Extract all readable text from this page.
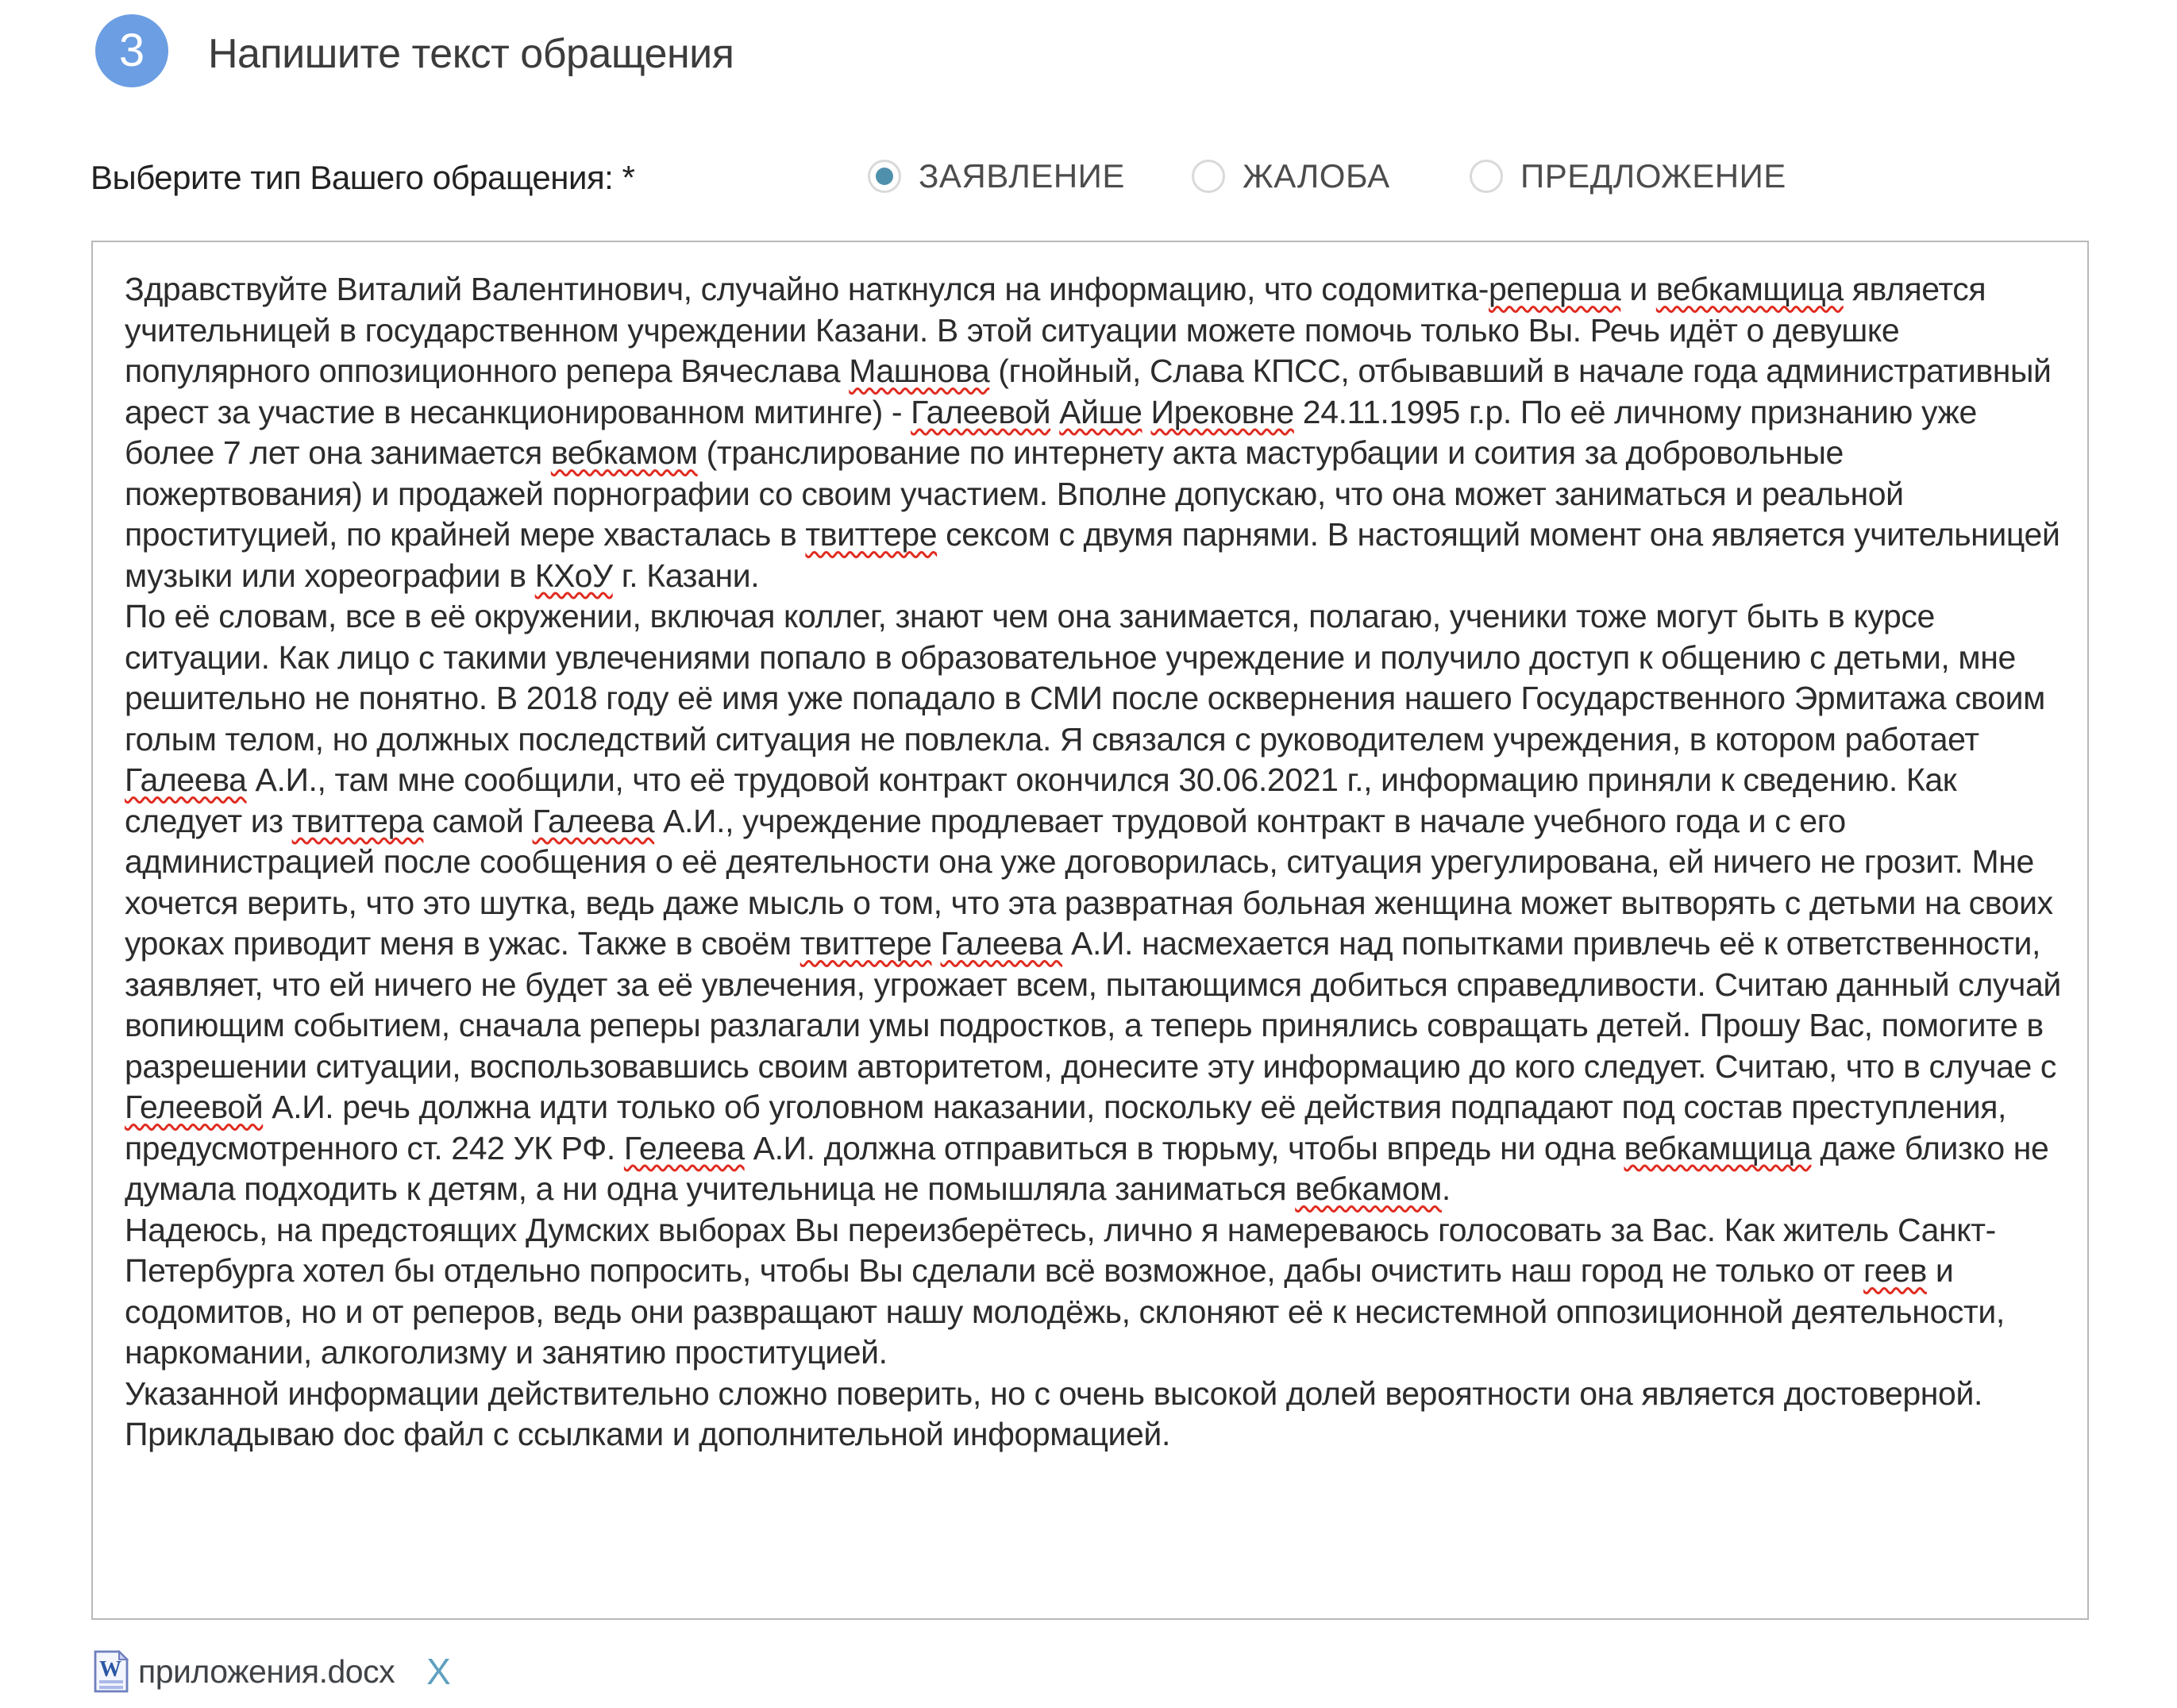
3	Напишите текст обращения
Выберите тип Вашего обращения: *	ЗАЯВЛЕНИЕ	ЖАЛОБА	ПРЕДЛОЖЕНИЕ
Здравствуйте Виталий Валентинович, случайно наткнулся на информацию, что содомитка-реперша и вебкамщица является учительницей в государственном учреждении Казани. В этой ситуации можете помочь только Вы. Речь идёт о девушке популярного оппозиционного репера Вячеслава Машнова (гнойный, Слава КПСС, отбывавший в начале года административный арест за участие в несанкционированном митинге) - Галеевой Айше Ирековне 24.11.1995 г.р. По её личному признанию уже более 7 лет она занимается вебкамом (транслирование по интернету акта мастурбации и соития за добровольные пожертвования) и продажей порнографии со своим участием. Вполне допускаю, что она может заниматься и реальной проституцией, по крайней мере хвасталась в твиттере сексом с двумя парнями. В настоящий момент она является учительницей музыки или хореографии в КХоУ г. Казани.
По её словам, все в её окружении, включая коллег, знают чем она занимается, полагаю, ученики тоже могут быть в курсе ситуации. Как лицо с такими увлечениями попало в образовательное учреждение и получило доступ к общению с детьми, мне решительно не понятно. В 2018 году её имя уже попадало в СМИ после осквернения нашего Государственного Эрмитажа своим голым телом, но должных последствий ситуация не повлекла. Я связался с руководителем учреждения, в котором работает Галеева А.И., там мне сообщили, что её трудовой контракт окончился 30.06.2021 г., информацию приняли к сведению. Как следует из твиттера самой Галеева А.И., учреждение продлевает трудовой контракт в начале учебного года и с его администрацией после сообщения о её деятельности она уже договорилась, ситуация урегулирована, ей ничего не грозит. Мне хочется верить, что это шутка, ведь даже мысль о том, что эта развратная больная женщина может вытворять с детьми на своих уроках приводит меня в ужас. Также в своём твиттере Галеева А.И. насмехается над попытками привлечь её к ответственности, заявляет, что ей ничего не будет за её увлечения, угрожает всем, пытающимся добиться справедливости. Считаю данный случай вопиющим событием, сначала реперы разлагали умы подростков, а теперь принялись совращать детей. Прошу Вас, помогите в разрешении ситуации, воспользовавшись своим авторитетом, донесите эту информацию до кого следует. Считаю, что в случае с Гелеевой А.И. речь должна идти только об уголовном наказании, поскольку её действия подпадают под состав преступления, предусмотренного ст. 242 УК РФ. Гелеева А.И. должна отправиться в тюрьму, чтобы впредь ни одна вебкамщица даже близко не думала подходить к детям, а ни одна учительница не помышляла заниматься вебкамом.
Надеюсь, на предстоящих Думских выборах Вы переизберётесь, лично я намереваюсь голосовать за Вас. Как житель Санкт-Петербурга хотел бы отдельно попросить, чтобы Вы сделали всё возможное, дабы очистить наш город не только от геев и содомитов, но и от реперов, ведь они развращают нашу молодёжь, склоняют её к несистемной оппозиционной деятельности, наркомании, алкоголизму и занятию проституцией.
Указанной информации действительно сложно поверить, но с очень высокой долей вероятности она является достоверной. Прикладываю doc файл с ссылками и дополнительной информацией.
W приложения.docx X
